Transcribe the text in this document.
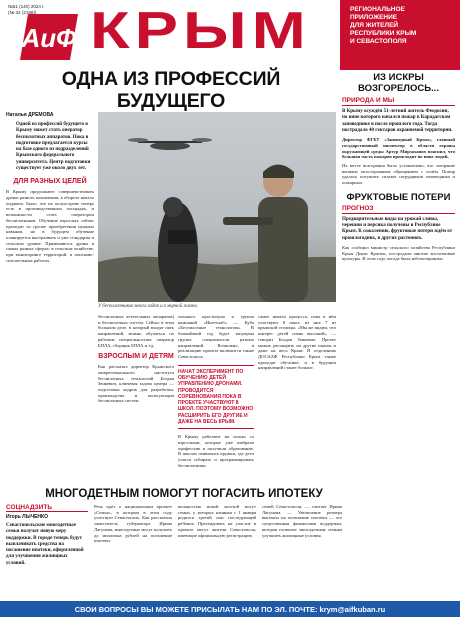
№51 (140) 2024 г.
(№ 34 (2198))
АиФ КРЫМ	РЕГИОНАЛЬНОЕ
ПРИЛОЖЕНИЕ
ДЛЯ ЖИТЕЛЕЙ
РЕСПУБЛИКИ КРЫМ
И СЕВАСТОПОЛЯ
ОДНА ИЗ ПРОФЕССИЙ БУДУЩЕГО
Наталья ДРЕМОВА
Одной из профессий будущего в Крыму может стать оператор беспилотных аппаратов. Пока в подготовке предлагается курсы на базе одного из подразделений Крымского федерального университета. Центр подготовки существует уже около двух лет.
ДЛЯ РАЗНЫХ ЦЕЛЕЙ
В Крыму продолжают совершенствовать дроны разного назначения, в обороте начало подавать. Было, что на полуострове теперь есть в производственных площадях, и возможности стать оператором беспилотников. Обучение взрослых сейчас проходит из группе приобретения нужных навыков, но в будущем обучение планируется выстраивать и уже стандарты и сельском уровне. Применяются дроны в самых разных сферах: в сельском хозяйстве, при мониторинге территорий, в поисково-спасательных работах.
У беспилотников много задач и в мирной жизни.
беспилотных летательных аппаратов) и беспилотных систем. Сейчас в этом большом деле, в который входят пять направлений, можно обучаться по рабочим специальностям: оператор БПЛА, сборщик БПЛА и т.д.
ВЗРОСЛЫМ И ДЕТЯМ
Как рассказал директор Крымского межрегионального института беспилотных технологий Богдан Зенкевич, ключевая задача центра — подготовка кадров для разработки, производства и эксплуатации беспилотных систем.
тольного простилуна и группа компаний «Интехлаб» — Куба «Беспилотные технологии». В ближайший год будет запущена группа специалистов разных направлений. Возможно, в реализацию проекта включится также Севастополь.
НАЧАТ ЭКСПЕРИМЕНТ ПО ОБУЧЕНИЮ ДЕТЕЙ УПРАВЛЕНИЮ ДРОНАМИ. ПРОВОДИТСЯ СОРЕВНОВАНИЯ ПОКА В ПРОЕКТЕ УЧАСТВУЮТ 8 ШКОЛ. ПОЭТОМУ ВОЗМОЖНО РАСШИРИТЬ ЕГО ДРУГИЕ И ДАЖЕ НА ВЕСЬ КРЫМ.
В Крыму работают на только со взрослыми, которые уже выбрали профессию и получили образование. В школах появились кружки, где дети учатся собирать и программировать беспилотники.
самое начало процесса, пока в нём участвуют 8 школ, из них 7 из крымской столицы. «Мы же видим, что интерес детей очень высокий», — говорит Богдан Зенкевич. Проект можно расширить на другие школы и даже на весь Крым. В отделениях ДОСААФ Республики Крым также проходят обучение, и в будущем направлений станет больше.
ИЗ ИСКРЫ ВОЗГОРЕЛОСЬ...
ПРИРОДА И МЫ
В Крыму осуждён 51-летний житель Феодосии, по вине которого начался пожар в Карадагском заповеднике в после прошлого года. Тогда пострадало 40 гектаров охраняемой территории.
Директор ФГБУ «Заповедный Крым», главный государственный инспектор в области охраны окружающей среды Артур Мирзаханов пояснил, что большая часть пожаров происходит по вине людей.
На месте возгорания было установлено, что загорание вызвано неосторожным обращением с огнём. Пожар удалось потушить силами сотрудников заповедника и пожарных.
ФРУКТОВЫЕ ПОТЕРИ
ПРОГНОЗ
Предварительные виды на урожай сливы, черешни и персика получены в Республике Крым. К сожалению, фруктовые потери ждём от прошлогодних, в других растениях.
Как сообщил министр сельского хозяйства Республики Крым Денис Кратюк, пострадали многие косточковые культуры. В этом году погода была неблагоприятна.
МНОГОДЕТНЫМ ПОМОГУТ ПОГАСИТЬ ИПОТЕКУ
СОЦНАДЗИТЬ
Игорь ЛЫЧЕНКО
Севастопольские многодетные семьи получат новую меру поддержки. В городе теперь будут выплачивать средства на погашение ипотеки, оформленной для улучшения жилищных условий.
Речь идёт о национальном проекте «Семья», в котором в этом году участвует Севастополь. Как рассказала заместитель губернатора Ирина Лагунова, многодетные могут получить до миллиона рублей на погашение ипотеки.
вольностью новой льготой могут семьи, у которых начиная с 1 января родился третий или последующий ребёнок. Претендовать на участие в проекте могут жители Севастополя, имеющие официальную регистрацию.
семей Севастополя, — считает Ирина Лагунова. — Увеличение размера выплаты на погашение ипотеки — это существенная финансовая поддержка, которая позволит многодетным семьям улучшить жилищные условия.
СВОИ ВОПРОСЫ ВЫ МОЖЕТЕ ПРИСЫЛАТЬ НАМ ПО ЭЛ. ПОЧТЕ: krym@aifkuban.ru
